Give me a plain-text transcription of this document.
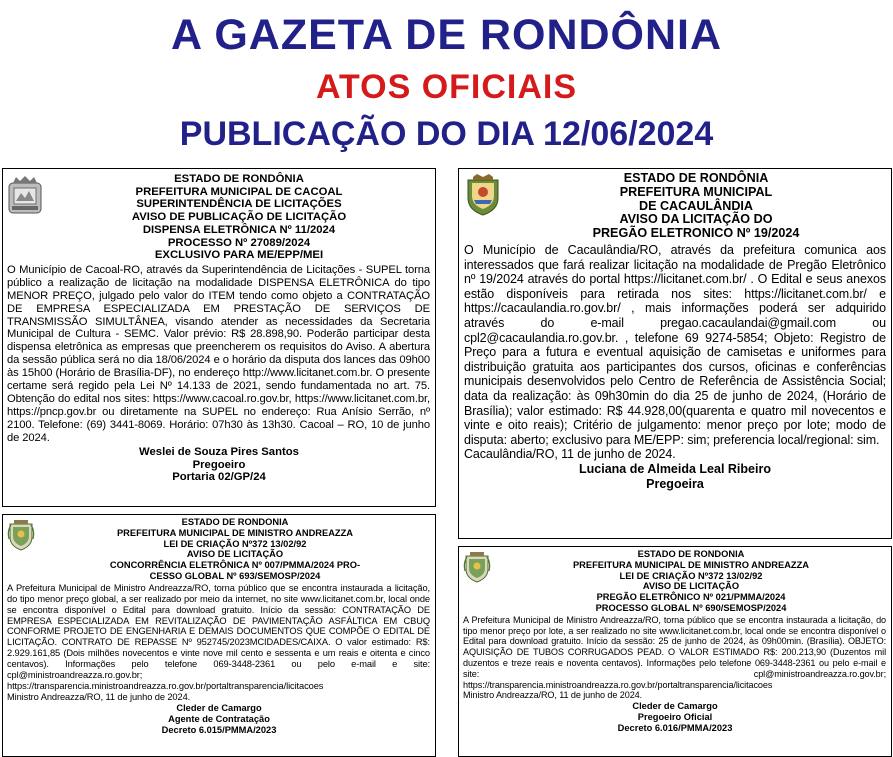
A GAZETA DE RONDÔNIA
ATOS OFICIAIS
PUBLICAÇÃO DO DIA 12/06/2024
ESTADO DE RONDÔNIA
PREFEITURA MUNICIPAL DE CACOAL
SUPERINTENDÊNCIA DE LICITAÇÕES
AVISO DE PUBLICAÇÃO DE LICITAÇÃO
DISPENSA ELETRÔNICA Nº 11/2024
PROCESSO Nº 27089/2024
EXCLUSIVO PARA ME/EPP/MEI
O Município de Cacoal-RO, através da Superintendência de Licitações - SUPEL torna público a realização de licitação na modalidade DISPENSA ELETRÔNICA do tipo MENOR PREÇO, julgado pelo valor do ITEM tendo como objeto a CONTRATAÇÃO DE EMPRESA ESPECIALIZADA EM PRESTAÇÃO DE SERVIÇOS DE TRANSMISSÃO SIMULTÂNEA, visando atender as necessidades da Secretaria Municipal de Cultura - SEMC. Valor prévio: R$ 28.898,90. Poderão participar desta dispensa eletrônica as empresas que preencherem os requisitos do Aviso. A abertura da sessão pública será no dia 18/06/2024 e o horário da disputa dos lances das 09h00 às 15h00 (Horário de Brasília-DF), no endereço http://www.licitanet.com.br. O presente certame será regido pela Lei Nº 14.133 de 2021, sendo fundamentada no art. 75. Obtenção do edital nos sites: https://www.cacoal.ro.gov.br, https://www.licitanet.com.br, https://pncp.gov.br ou diretamente na SUPEL no endereço: Rua Anísio Serrão, nº 2100. Telefone: (69) 3441-8069. Horário: 07h30 às 13h30. Cacoal – RO, 10 de junho de 2024.
Weslei de Souza Pires Santos
Pregoeiro
Portaria 02/GP/24
ESTADO DE RONDÔNIA
PREFEITURA MUNICIPAL
DE CACAULÂNDIA
AVISO DA LICITAÇÃO DO
PREGÃO ELETRONICO Nº 19/2024
O Município de Cacaulândia/RO, através da prefeitura comunica aos interessados que fará realizar licitação na modalidade de Pregão Eletrônico nº 19/2024 através do portal https://licitanet.com.br/ . O Edital e seus anexos estão disponíveis para retirada nos sites: https://licitanet.com.br/ e https://cacaulandia.ro.gov.br/ , mais informações poderá ser adquirido através do e-mail pregao.cacaulandai@gmail.com ou cpl2@cacaulandia.ro.gov.br. , telefone 69 9274-5854; Objeto: Registro de Preço para a futura e eventual aquisição de camisetas e uniformes para distribuição gratuita aos participantes dos cursos, oficinas e conferências municipais desenvolvidos pelo Centro de Referência de Assistência Social; data da realização: às 09h30min do dia 25 de junho de 2024, (Horário de Brasília); valor estimado: R$ 44.928,00(quarenta e quatro mil novecentos e vinte e oito reais); Critério de julgamento: menor preço por lote; modo de disputa: aberto; exclusivo para ME/EPP: sim; preferencia local/regional: sim.
Cacaulândia/RO, 11 de junho de 2024.
Luciana de Almeida Leal Ribeiro
Pregoeira
ESTADO DE RONDONIA
PREFEITURA MUNICIPAL DE MINISTRO ANDREAZZA
LEI DE CRIAÇÃO Nº372 13/02/92
AVISO DE LICITAÇÃO
CONCORRÊNCIA ELETRÔNICA Nº 007/PMMA/2024 PRO-
CESSO GLOBAL Nº 693/SEMOSP/2024
A Prefeitura Municipal de Ministro Andreazza/RO, torna público que se encontra instaurada a licitação, do tipo menor preço global, a ser realizado por meio da internet, no site www.licitanet.com.br, local onde se encontra disponível o Edital para download gratuito. Início da sessão: CONTRATAÇÃO DE EMPRESA ESPECIALIZADA EM REVITALIZAÇÃO DE PAVIMENTAÇÃO ASFÁLTICA EM CBUQ CONFORME PROJETO DE ENGENHARIA E DEMAIS DOCUMENTOS QUE COMPÕE O EDITAL DE LICITAÇÃO. CONTRATO DE REPASSE Nº 952745/2023MCIDADES/CAIXA. O valor estimado: R$: 2.929.161,85 (Dois milhões novecentos e vinte nove mil cento e sessenta e um reais e oitenta e cinco centavos). Informações pelo telefone 069-3448-2361 ou pelo e-mail e site: cpl@ministroandreazza.ro.gov.br; https://transparencia.ministroandreazza.ro.gov.br/portaltransparencia/licitacoes
Ministro Andreazza/RO, 11 de junho de 2024.
Cleder de Camargo
Agente de Contratação
Decreto 6.015/PMMA/2023
ESTADO DE RONDONIA
PREFEITURA MUNICIPAL DE MINISTRO ANDREAZZA
LEI DE CRIAÇÃO Nº372 13/02/92
AVISO DE LICITAÇÃO
PREGÃO ELETRÔNICO Nº 021/PMMA/2024
PROCESSO GLOBAL Nº 690/SEMOSP/2024
A Prefeitura Municipal de Ministro Andreazza/RO, torna público que se encontra instaurada a licitação, do tipo menor preço por lote, a ser realizado no site www.licitanet.com.br, local onde se encontra disponível o Edital para download gratuito. Início da sessão: 25 de junho de 2024, às 09h00min. (Brasília). OBJETO: AQUISIÇÃO DE TUBOS CORRUGADOS PEAD. O VALOR ESTIMADO R$: 200.213,90 (Duzentos mil duzentos e treze reais e noventa centavos). Informações pelo telefone 069-3448-2361 ou pelo e-mail e site: cpl@ministroandreazza.ro.gov.br; https://transparencia.ministroandreazza.ro.gov.br/portaltransparencia/licitacoes
Ministro Andreazza/RO, 11 de junho de 2024.
Cleder de Camargo
Pregoeiro Oficial
Decreto 6.016/PMMA/2023
